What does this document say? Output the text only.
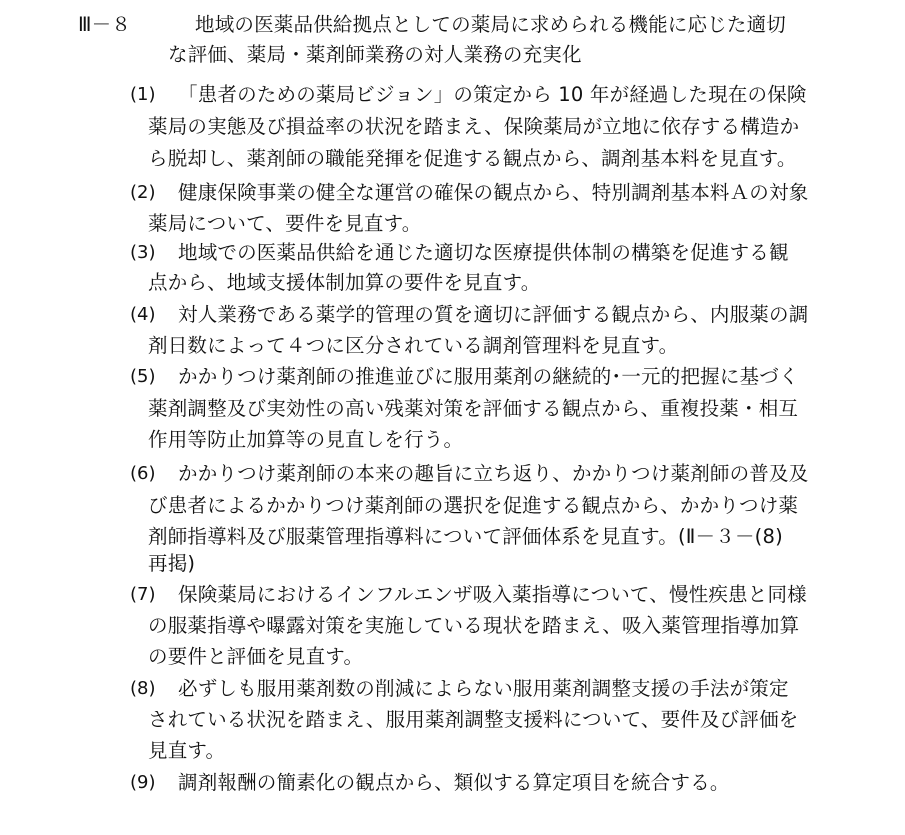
Ⅲ－８	地域の医薬品供給拠点としての薬局に求められる機能に応じた適切
な評価、薬局・薬剤師業務の対人業務の充実化
(1) 「患者のための薬局ビジョン」の策定から 10 年が経過した現在の保険
薬局の実態及び損益率の状況を踏まえ、保険薬局が立地に依存する構造か
ら脱却し、薬剤師の職能発揮を促進する観点から、調剤基本料を見直す。
(2) 健康保険事業の健全な運営の確保の観点から、特別調剤基本料Ａの対象
薬局について、要件を見直す。
(3) 地域での医薬品供給を通じた適切な医療提供体制の構築を促進する観
点から、地域支援体制加算の要件を見直す。
(4) 対人業務である薬学的管理の質を適切に評価する観点から、内服薬の調
剤日数によって４つに区分されている調剤管理料を見直す。
(5) かかりつけ薬剤師の推進並びに服用薬剤の継続的･一元的把握に基づく
薬剤調整及び実効性の高い残薬対策を評価する観点から、重複投薬・相互
作用等防止加算等の見直しを行う。
(6) かかりつけ薬剤師の本来の趣旨に立ち返り、かかりつけ薬剤師の普及及
び患者によるかかりつけ薬剤師の選択を促進する観点から、かかりつけ薬
剤師指導料及び服薬管理指導料について評価体系を見直す。(Ⅱ－３－(8)
再掲)
(7) 保険薬局におけるインフルエンザ吸入薬指導について、慢性疾患と同様
の服薬指導や曝露対策を実施している現状を踏まえ、吸入薬管理指導加算
の要件と評価を見直す。
(8) 必ずしも服用薬剤数の削減によらない服用薬剤調整支援の手法が策定
されている状況を踏まえ、服用薬剤調整支援料について、要件及び評価を
見直す。
(9) 調剤報酬の簡素化の観点から、類似する算定項目を統合する。
